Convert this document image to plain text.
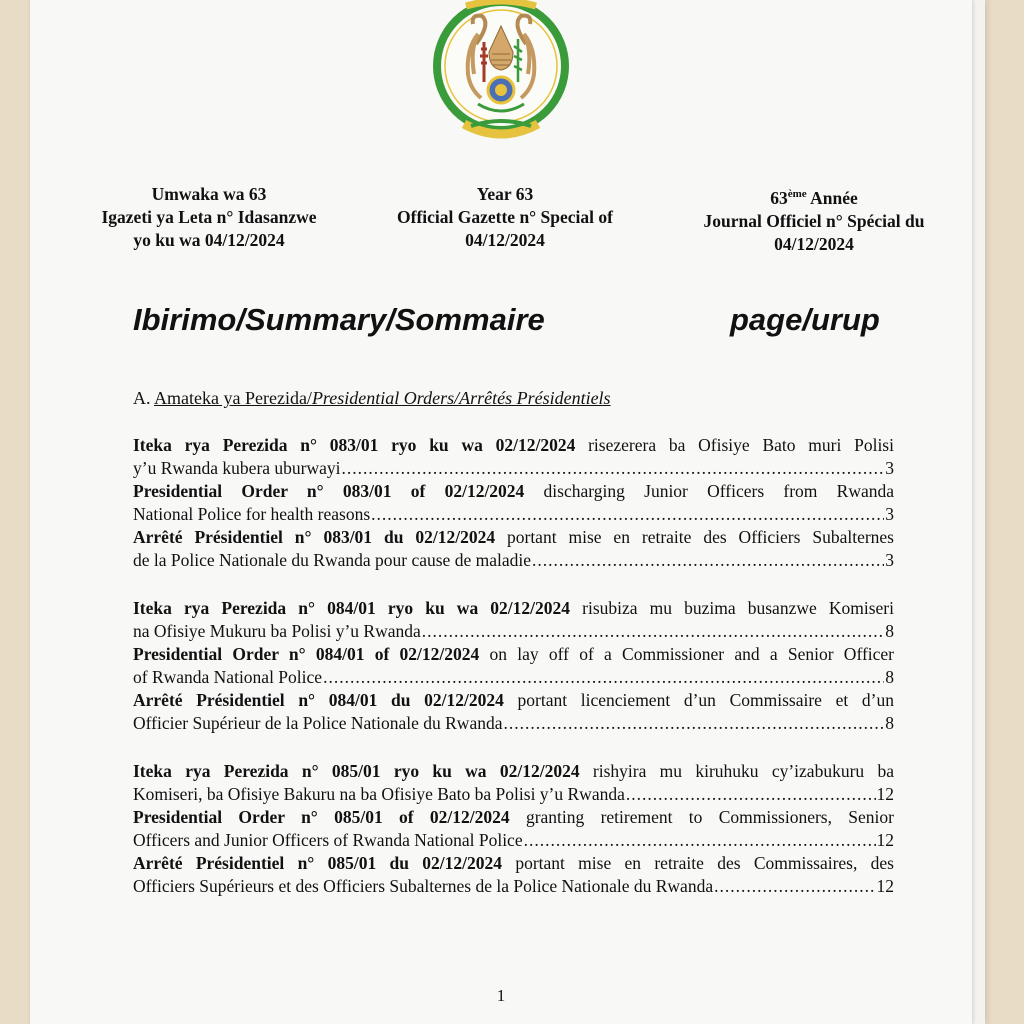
Umwaka wa 63
Igazeti ya Leta n° Idasanzwe
yo ku wa 04/12/2024
Year 63
Official Gazette n° Special of
04/12/2024
63ème Année
Journal Officiel n° Spécial du
04/12/2024
Ibirimo/Summary/Sommaire	page/urup
A. Amateka ya Perezida/Presidential Orders/Arrêtés Présidentiels
Iteka rya Perezida n° 083/01 ryo ku wa 02/12/2024 risezerera ba Ofisiye Bato muri Polisi
y’u Rwanda kubera uburwayi .....	3
Presidential Order n° 083/01 of 02/12/2024 discharging Junior Officers from Rwanda
National Police for health reasons .....	3
Arrêté Présidentiel n° 083/01 du 02/12/2024 portant mise en retraite des Officiers Subalternes
de la Police Nationale du Rwanda pour cause de maladie .....	3
Iteka rya Perezida n° 084/01 ryo ku wa 02/12/2024 risubiza mu buzima busanzwe Komiseri
na Ofisiye Mukuru ba Polisi y’u Rwanda .....	8
Presidential Order n° 084/01 of 02/12/2024 on lay off of a Commissioner and a Senior Officer
of Rwanda National Police .....	8
Arrêté Présidentiel n° 084/01 du 02/12/2024 portant licenciement d’un Commissaire et d’un
Officier Supérieur de la Police Nationale du Rwanda .....	8
Iteka rya Perezida n° 085/01 ryo ku wa 02/12/2024 rishyira mu kiruhuku cy’izabukuru ba
Komiseri, ba Ofisiye Bakuru na ba Ofisiye Bato ba Polisi y’u Rwanda .....	12
Presidential Order n° 085/01 of 02/12/2024 granting retirement to Commissioners, Senior
Officers and Junior Officers of Rwanda National Police .....	12
Arrêté Présidentiel n° 085/01 du 02/12/2024 portant mise en retraite des Commissaires, des
Officiers Supérieurs et des Officiers Subalternes de la Police Nationale du Rwanda .....	12
1
